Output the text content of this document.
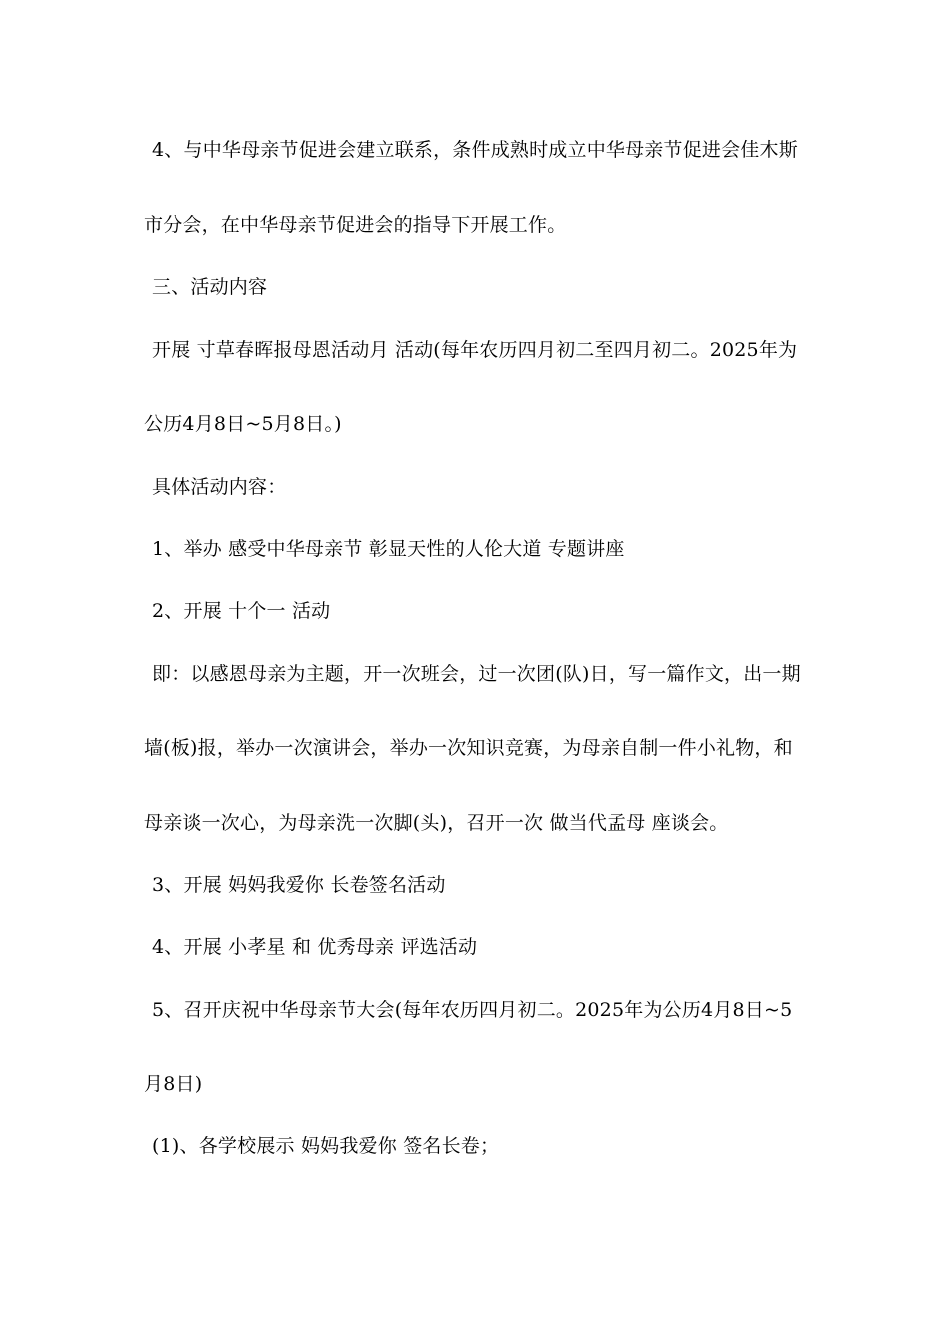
4、与中华母亲节促进会建立联系，条件成熟时成立中华母亲节促进会佳木斯
市分会，在中华母亲节促进会的指导下开展工作。
三、活动内容
开展 寸草春晖报母恩活动月 活动(每年农历四月初二至四月初二。2025年为
公历4月8日~5月8日。)
具体活动内容：
1、举办 感受中华母亲节 彰显天性的人伦大道 专题讲座
2、开展 十个一 活动
即：以感恩母亲为主题，开一次班会，过一次团(队)日，写一篇作文，出一期
墙(板)报，举办一次演讲会，举办一次知识竞赛，为母亲自制一件小礼物，和
母亲谈一次心，为母亲洗一次脚(头)，召开一次 做当代孟母 座谈会。
3、开展 妈妈我爱你 长卷签名活动
4、开展 小孝星 和 优秀母亲 评选活动
5、召开庆祝中华母亲节大会(每年农历四月初二。2025年为公历4月8日~5
月8日)
(1)、各学校展示 妈妈我爱你 签名长卷；
